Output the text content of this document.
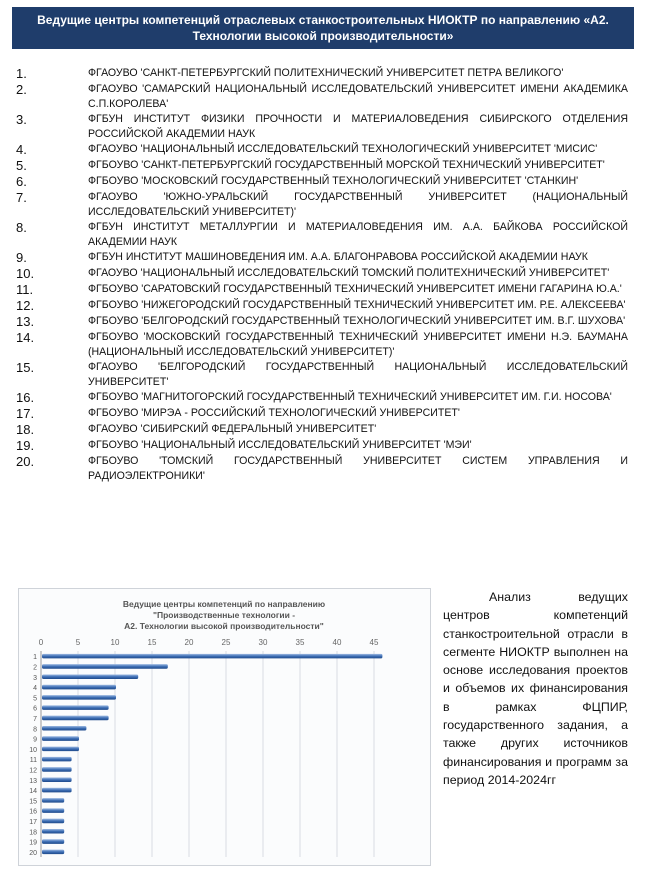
Ведущие центры компетенций отраслевых станкостроительных НИОКТР по направлению «А2. Технологии высокой производительности»
1.	ФГАОУВО 'САНКТ-ПЕТЕРБУРГСКИЙ ПОЛИТЕХНИЧЕСКИЙ УНИВЕРСИТЕТ ПЕТРА ВЕЛИКОГО'
2.	ФГАОУВО 'САМАРСКИЙ НАЦИОНАЛЬНЫЙ ИССЛЕДОВАТЕЛЬСКИЙ УНИВЕРСИТЕТ ИМЕНИ АКАДЕМИКА С.П.КОРОЛЕВА'
3.	ФГБУН ИНСТИТУТ ФИЗИКИ ПРОЧНОСТИ И МАТЕРИАЛОВЕДЕНИЯ СИБИРСКОГО ОТДЕЛЕНИЯ РОССИЙСКОЙ АКАДЕМИИ НАУК
4.	ФГАОУВО 'НАЦИОНАЛЬНЫЙ ИССЛЕДОВАТЕЛЬСКИЙ ТЕХНОЛОГИЧЕСКИЙ УНИВЕРСИТЕТ 'МИСИС'
5.	ФГБОУВО 'САНКТ-ПЕТЕРБУРГСКИЙ ГОСУДАРСТВЕННЫЙ МОРСКОЙ ТЕХНИЧЕСКИЙ УНИВЕРСИТЕТ'
6.	ФГБОУВО 'МОСКОВСКИЙ ГОСУДАРСТВЕННЫЙ ТЕХНОЛОГИЧЕСКИЙ УНИВЕРСИТЕТ 'СТАНКИН'
7.	ФГАОУВО 'ЮЖНО-УРАЛЬСКИЙ ГОСУДАРСТВЕННЫЙ УНИВЕРСИТЕТ (НАЦИОНАЛЬНЫЙ ИССЛЕДОВАТЕЛЬСКИЙ УНИВЕРСИТЕТ)'
8.	ФГБУН ИНСТИТУТ МЕТАЛЛУРГИИ И МАТЕРИАЛОВЕДЕНИЯ ИМ. А.А. БАЙКОВА РОССИЙСКОЙ АКАДЕМИИ НАУК
9.	ФГБУН ИНСТИТУТ МАШИНОВЕДЕНИЯ ИМ. А.А. БЛАГОНРАВОВА РОССИЙСКОЙ АКАДЕМИИ НАУК
10.	ФГАОУВО 'НАЦИОНАЛЬНЫЙ ИССЛЕДОВАТЕЛЬСКИЙ ТОМСКИЙ ПОЛИТЕХНИЧЕСКИЙ УНИВЕРСИТЕТ'
11.	ФГБОУВО 'САРАТОВСКИЙ ГОСУДАРСТВЕННЫЙ ТЕХНИЧЕСКИЙ УНИВЕРСИТЕТ ИМЕНИ ГАГАРИНА Ю.А.'
12.	ФГБОУВО 'НИЖЕГОРОДСКИЙ ГОСУДАРСТВЕННЫЙ ТЕХНИЧЕСКИЙ УНИВЕРСИТЕТ ИМ. Р.Е. АЛЕКСЕЕВА'
13.	ФГБОУВО 'БЕЛГОРОДСКИЙ ГОСУДАРСТВЕННЫЙ ТЕХНОЛОГИЧЕСКИЙ УНИВЕРСИТЕТ ИМ. В.Г. ШУХОВА'
14.	ФГБОУВО 'МОСКОВСКИЙ ГОСУДАРСТВЕННЫЙ ТЕХНИЧЕСКИЙ УНИВЕРСИТЕТ ИМЕНИ Н.Э. БАУМАНА (НАЦИОНАЛЬНЫЙ ИССЛЕДОВАТЕЛЬСКИЙ УНИВЕРСИТЕТ)'
15.	ФГАОУВО 'БЕЛГОРОДСКИЙ ГОСУДАРСТВЕННЫЙ НАЦИОНАЛЬНЫЙ ИССЛЕДОВАТЕЛЬСКИЙ УНИВЕРСИТЕТ'
16.	ФГБОУВО 'МАГНИТОГОРСКИЙ ГОСУДАРСТВЕННЫЙ ТЕХНИЧЕСКИЙ УНИВЕРСИТЕТ ИМ. Г.И. НОСОВА'
17.	ФГБОУВО 'МИРЭА - РОССИЙСКИЙ ТЕХНОЛОГИЧЕСКИЙ УНИВЕРСИТЕТ'
18.	ФГАОУВО 'СИБИРСКИЙ ФЕДЕРАЛЬНЫЙ УНИВЕРСИТЕТ'
19.	ФГБОУВО 'НАЦИОНАЛЬНЫЙ ИССЛЕДОВАТЕЛЬСКИЙ УНИВЕРСИТЕТ 'МЭИ'
20.	ФГБОУВО 'ТОМСКИЙ ГОСУДАРСТВЕННЫЙ УНИВЕРСИТЕТ СИСТЕМ УПРАВЛЕНИЯ И РАДИОЭЛЕКТРОНИКИ'
Ведущие центры компетенций по направлению "Производственные технологии -А2. Технологии высокой производительности"
0	5	10	15	20	25	30	35	40	45
1
2
3
4
5
6
7
8
9
10
11
12
13
14
15
16
17
18
19
20
Анализ ведущих центров компетенций станкостроительной отрасли в сегменте НИОКТР выполнен на основе исследования проектов и объемов их финансирования в рамках ФЦПИР, государственного задания, а также других источников финансирования и программ за период 2014-2024гг
